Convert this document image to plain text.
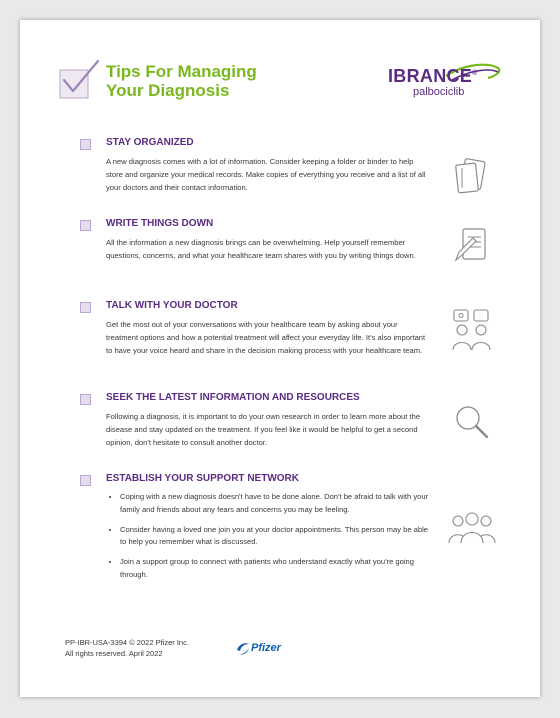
Tips For Managing
Your Diagnosis
IBRANCE®
palbociclib
STAY ORGANIZED
A new diagnosis comes with a lot of information. Consider keeping a folder or binder to help store and organize your medical records. Make copies of everything you receive and a list of all your doctors and their contact information.
WRITE THINGS DOWN
All the information a new diagnosis brings can be overwhelming. Help yourself remember questions, concerns, and what your healthcare team shares with you by writing things down.
TALK WITH YOUR DOCTOR
Get the most out of your conversations with your healthcare team by asking about your treatment options and how a potential treatment will affect your everyday life. It's also important to have your voice heard and share in the decision making process with your healthcare team.
SEEK THE LATEST INFORMATION AND RESOURCES
Following a diagnosis, it is important to do your own research in order to learn more about the disease and stay updated on the treatment. If you feel like it would be helpful to get a second opinion, don't hesitate to consult another doctor.
ESTABLISH YOUR SUPPORT NETWORK
• Coping with a new diagnosis doesn't have to be done alone. Don't be afraid to talk with your family and friends about any fears and concerns you may be feeling.
• Consider having a loved one join you at your doctor appointments. This person may be able to help you remember what is discussed.
• Join a support group to connect with patients who understand exactly what you're going through.
PP-IBR-USA-3394 © 2022 Pfizer Inc.
All rights reserved. April 2022	Pfizer
